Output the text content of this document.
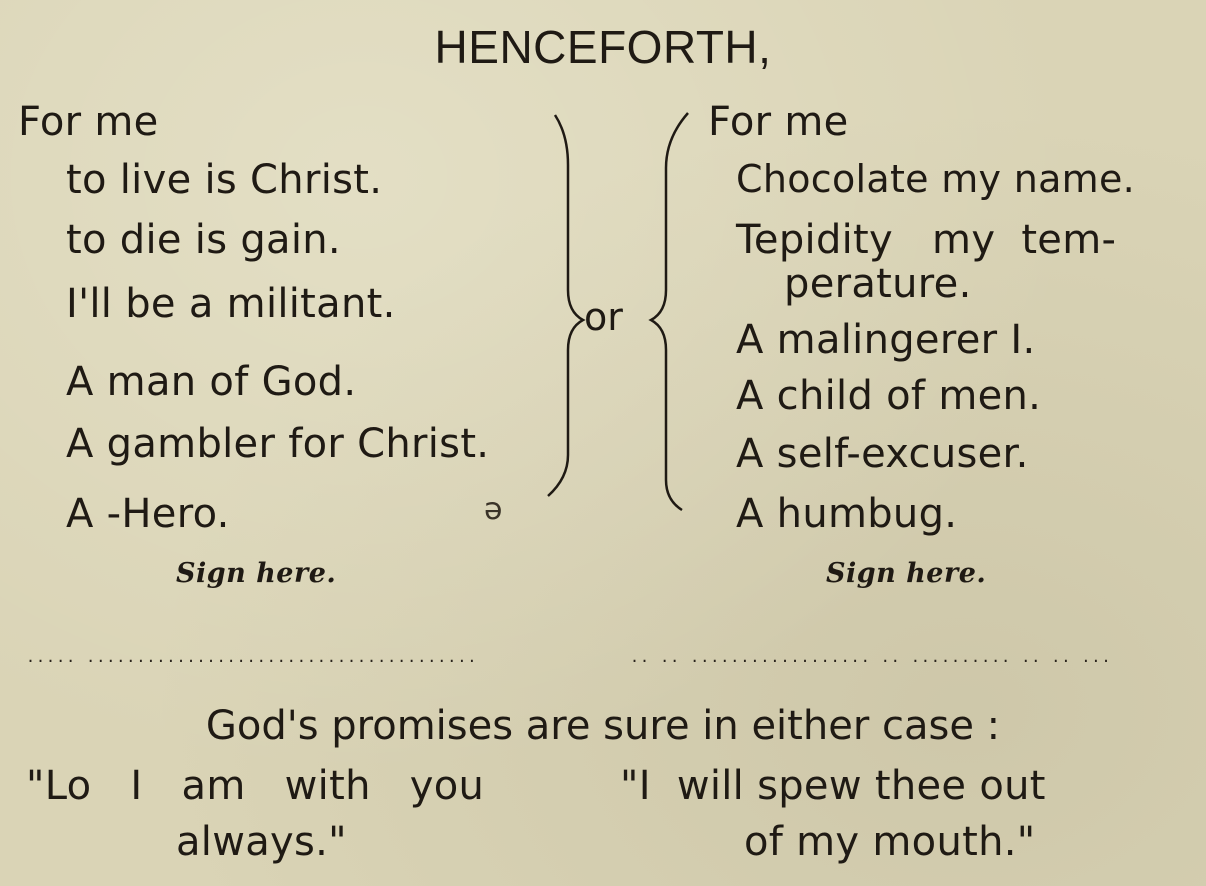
HENCEFORTH,
For me
to live is Christ.
to die is gain.
I'll be a militant.
A man of God.
A gambler for Christ.
A -Hero.
Sign here.
ə
or
For me
Chocolate my name.
Tepidity   my  tem-
perature.
A malingerer I.
A child of men.
A self-excuser.
A humbug.
Sign here.
..... .......................................	.. .. .................. .. .......... .. .. ...
God's promises are sure in either case :
"Lo   I   am   with   you
always."
"I  will spew thee out
of my mouth."
